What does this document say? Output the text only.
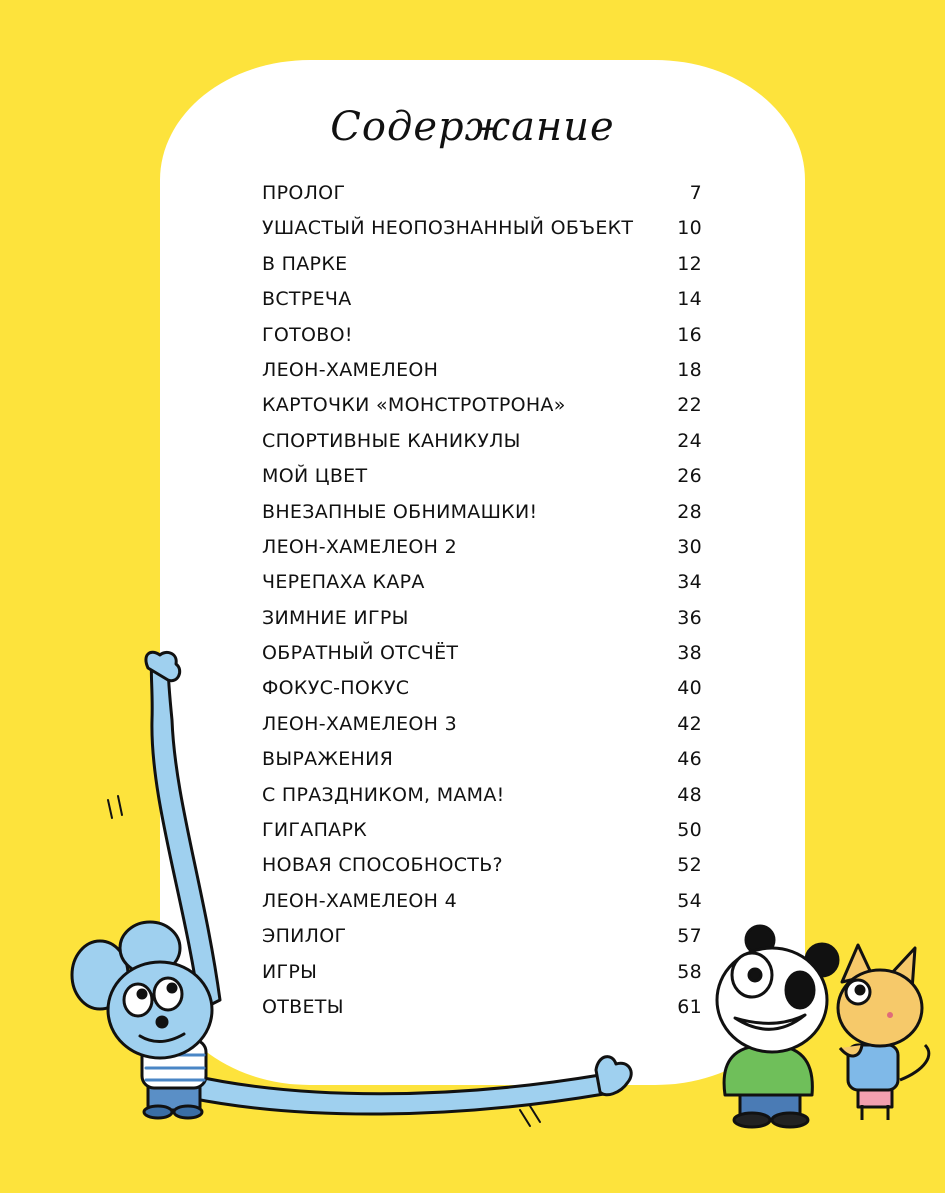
Содержание
ПРОЛОГ	7
УШАСТЫЙ НЕОПОЗНАННЫЙ ОБЪЕКТ	10
В ПАРКЕ	12
ВСТРЕЧА	14
ГОТОВО!	16
ЛЕОН-ХАМЕЛЕОН	18
КАРТОЧКИ «МОНСТРОТРОНА»	22
СПОРТИВНЫЕ КАНИКУЛЫ	24
МОЙ ЦВЕТ	26
ВНЕЗАПНЫЕ ОБНИМАШКИ!	28
ЛЕОН-ХАМЕЛЕОН 2	30
ЧЕРЕПАХА КАРА	34
ЗИМНИЕ ИГРЫ	36
ОБРАТНЫЙ ОТСЧЁТ	38
ФОКУС-ПОКУС	40
ЛЕОН-ХАМЕЛЕОН 3	42
ВЫРАЖЕНИЯ	46
С ПРАЗДНИКОМ, МАМА!	48
ГИГАПАРК	50
НОВАЯ СПОСОБНОСТЬ?	52
ЛЕОН-ХАМЕЛЕОН 4	54
ЭПИЛОГ	57
ИГРЫ	58
ОТВЕТЫ	61
